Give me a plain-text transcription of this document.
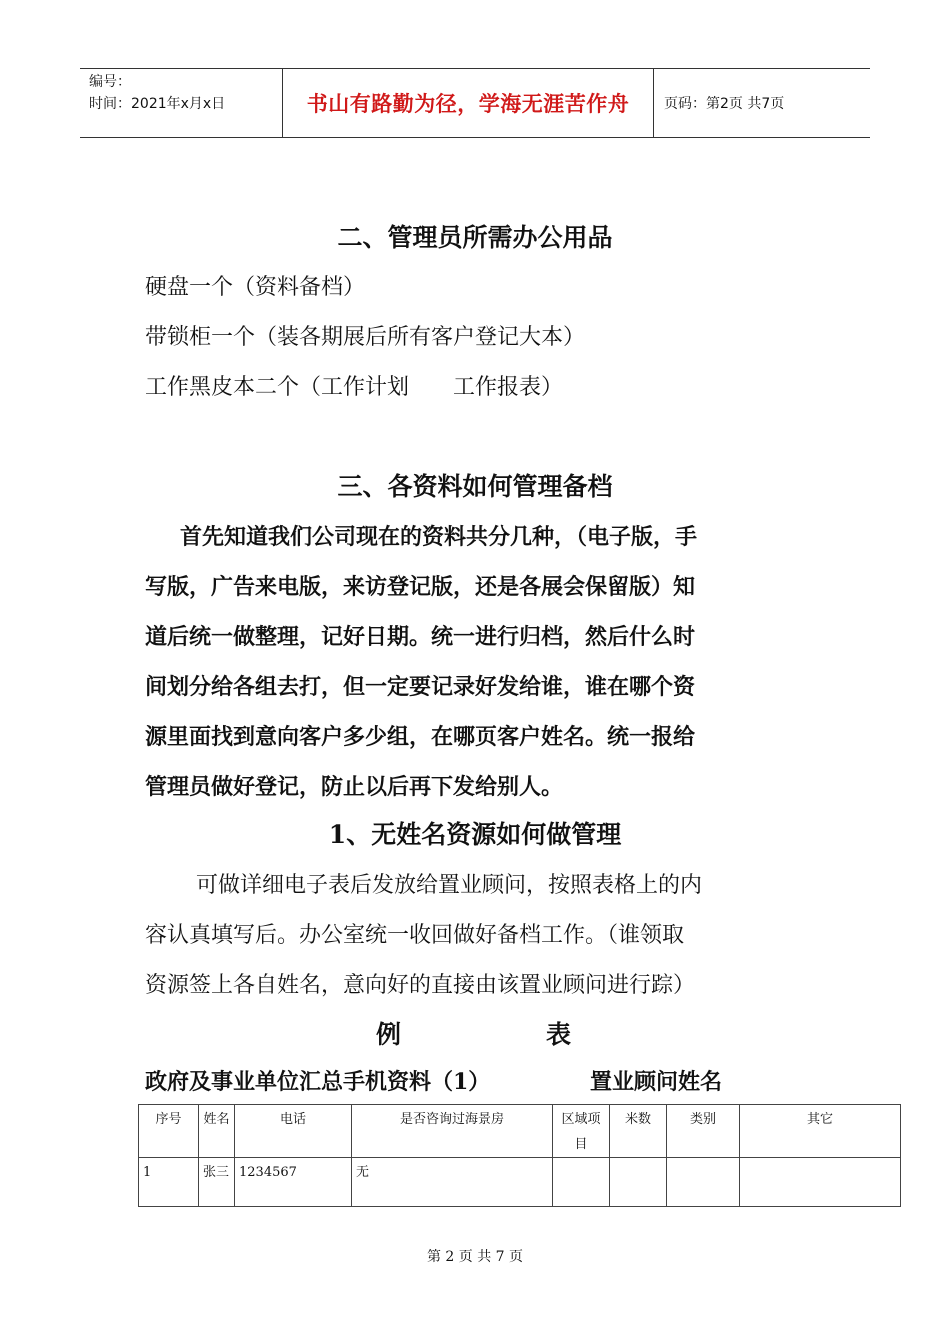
编号：
时间：2021年x月x日	书山有路勤为径，学海无涯苦作舟	页码：第2页 共7页
二、管理员所需办公用品
硬盘一个（资料备档）
带锁柜一个（装各期展后所有客户登记大本）
工作黑皮本二个（工作计划　　工作报表）
三、各资料如何管理备档
首先知道我们公司现在的资料共分几种，（电子版，手
写版，广告来电版，来访登记版，还是各展会保留版）知
道后统一做整理，记好日期。统一进行归档，然后什么时
间划分给各组去打，但一定要记录好发给谁，谁在哪个资
源里面找到意向客户多少组，在哪页客户姓名。统一报给
管理员做好登记，防止以后再下发给别人。
1、无姓名资源如何做管理
可做详细电子表后发放给置业顾问，按照表格上的内
容认真填写后。办公室统一收回做好备档工作。（谁领取
资源签上各自姓名，意向好的直接由该置业顾问进行踪）
例	表
政府及事业单位汇总手机资料（1）	置业顾问姓名
序号	姓名	电话	是否咨询过海景房	区域项目	米数	类别	其它
1	张三	1234567	无				
第 2 页 共 7 页
